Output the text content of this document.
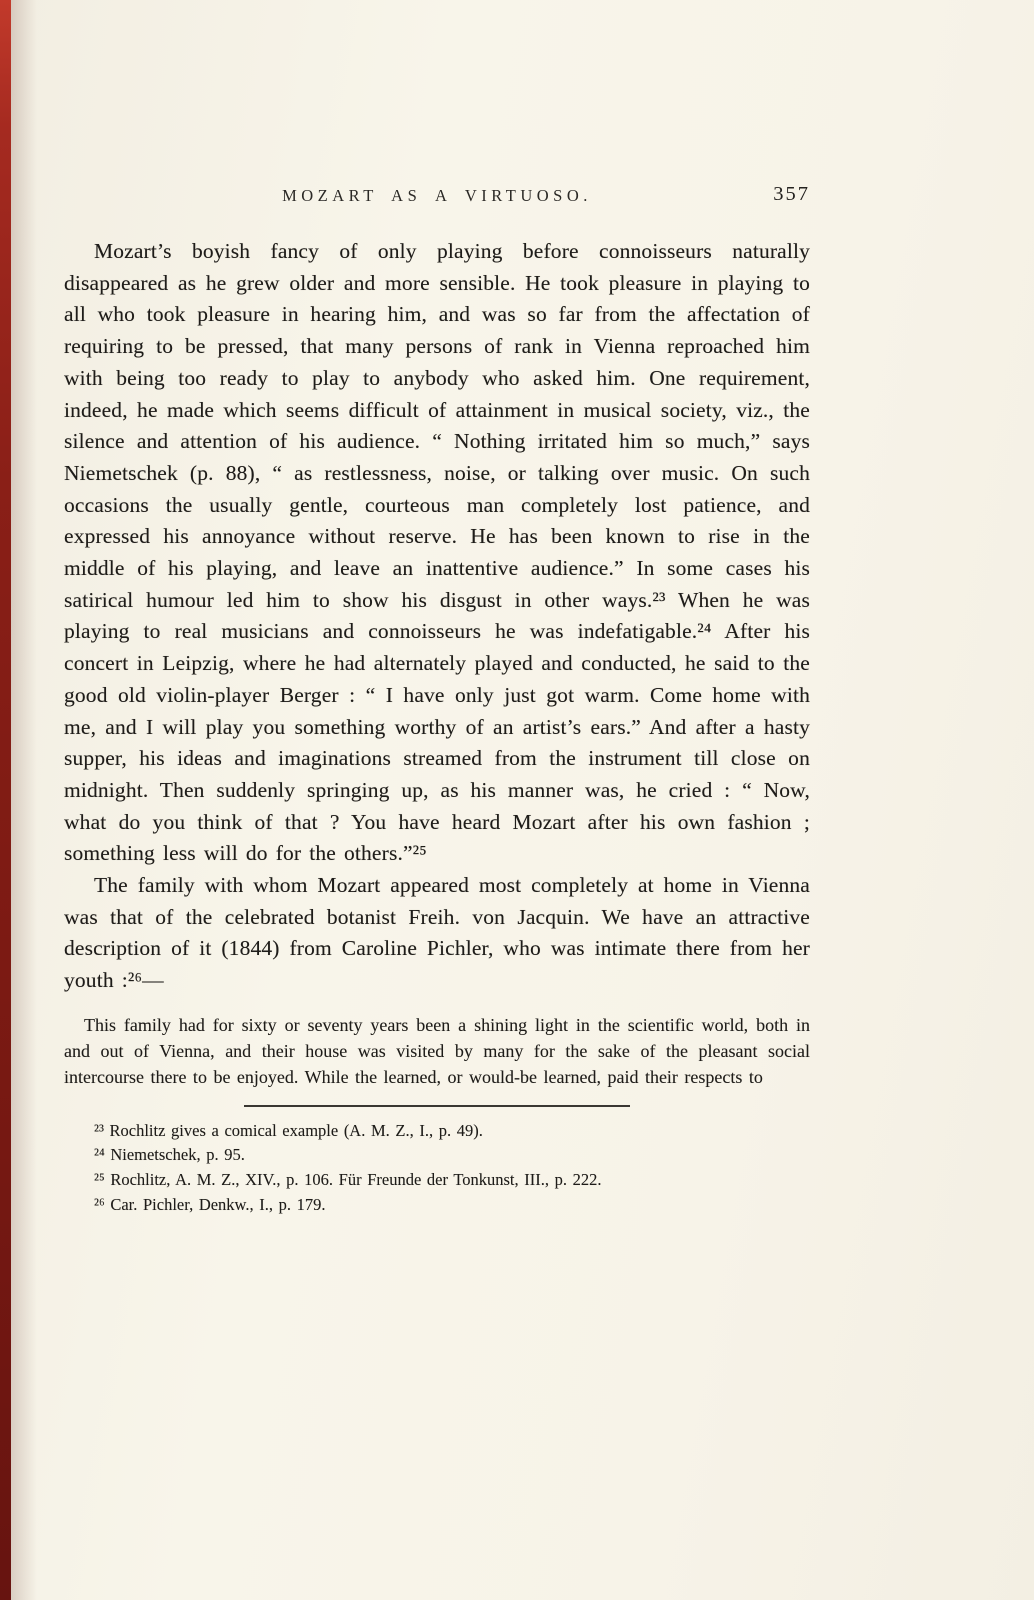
MOZART AS A VIRTUOSO.	357

Mozart’s boyish fancy of only playing before connoisseurs naturally disappeared as he grew older and more sensible. He took pleasure in playing to all who took pleasure in hearing him, and was so far from the affectation of requiring to be pressed, that many persons of rank in Vienna reproached him with being too ready to play to anybody who asked him. One requirement, indeed, he made which seems difficult of attainment in musical society, viz., the silence and attention of his audience. “ Nothing irritated him so much,” says Niemetschek (p. 88), “ as restlessness, noise, or talking over music. On such occasions the usually gentle, courteous man completely lost patience, and expressed his annoyance without reserve. He has been known to rise in the middle of his playing, and leave an inattentive audience.” In some cases his satirical humour led him to show his disgust in other ways.²³ When he was playing to real musicians and connoisseurs he was indefatigable.²⁴ After his concert in Leipzig, where he had alternately played and conducted, he said to the good old violin-player Berger : “ I have only just got warm. Come home with me, and I will play you something worthy of an artist’s ears.” And after a hasty supper, his ideas and imaginations streamed from the instrument till close on midnight. Then suddenly springing up, as his manner was, he cried : “ Now, what do you think of that ? You have heard Mozart after his own fashion ; something less will do for the others.”²⁵

The family with whom Mozart appeared most completely at home in Vienna was that of the celebrated botanist Freih. von Jacquin. We have an attractive description of it (1844) from Caroline Pichler, who was intimate there from her youth :²⁶—

This family had for sixty or seventy years been a shining light in the scientific world, both in and out of Vienna, and their house was visited by many for the sake of the pleasant social intercourse there to be enjoyed. While the learned, or would-be learned, paid their respects to

²³ Rochlitz gives a comical example (A. M. Z., I., p. 49).

²⁴ Niemetschek, p. 95.

²⁵ Rochlitz, A. M. Z., XIV., p. 106. Für Freunde der Tonkunst, III., p. 222.

²⁶ Car. Pichler, Denkw., I., p. 179.
